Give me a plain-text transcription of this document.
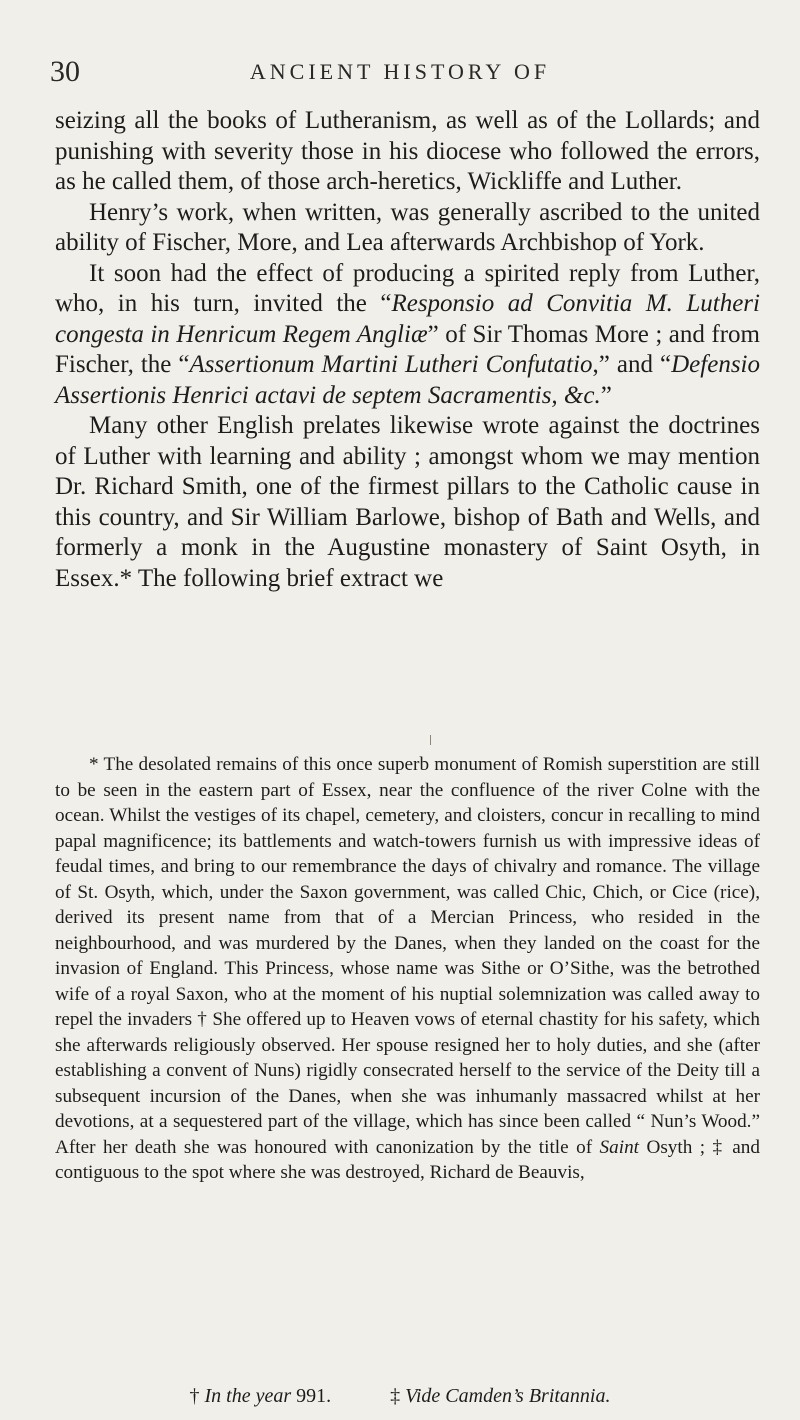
30	ANCIENT HISTORY OF

seizing all the books of Lutheranism, as well as of the Lollards; and punishing with severity those in his diocese who followed the errors, as he called them, of those arch-heretics, Wickliffe and Luther.

Henry’s work, when written, was generally ascribed to the united ability of Fischer, More, and Lea afterwards Archbishop of York.

It soon had the effect of producing a spirited reply from Luther, who, in his turn, invited the “Responsio ad Convitia M. Lutheri congesta in Henricum Regem Angliæ” of Sir Thomas More ; and from Fischer, the “Assertionum Martini Lutheri Confutatio,” and “Defensio Assertionis Henrici actavi de septem Sacramentis, &c.”

Many other English prelates likewise wrote against the doctrines of Luther with learning and ability ; amongst whom we may mention Dr. Richard Smith, one of the firmest pillars to the Catholic cause in this country, and Sir William Barlowe, bishop of Bath and Wells, and formerly a monk in the Augustine monastery of Saint Osyth, in Essex.* The following brief extract we

* The desolated remains of this once superb monument of Romish superstition are still to be seen in the eastern part of Essex, near the confluence of the river Colne with the ocean. Whilst the vestiges of its chapel, cemetery, and cloisters, concur in recalling to mind papal magnificence; its battlements and watch-towers furnish us with impressive ideas of feudal times, and bring to our remembrance the days of chivalry and romance. The village of St. Osyth, which, under the Saxon government, was called Chic, Chich, or Cice (rice), derived its present name from that of a Mercian Princess, who resided in the neighbourhood, and was murdered by the Danes, when they landed on the coast for the invasion of England. This Princess, whose name was Sithe or O’Sithe, was the betrothed wife of a royal Saxon, who at the moment of his nuptial solemnization was called away to repel the invaders † She offered up to Heaven vows of eternal chastity for his safety, which she afterwards religiously observed. Her spouse resigned her to holy duties, and she (after establishing a convent of Nuns) rigidly consecrated herself to the service of the Deity till a subsequent incursion of the Danes, when she was inhumanly massacred whilst at her devotions, at a sequestered part of the village, which has since been called “ Nun’s Wood.” After her death she was honoured with canonization by the title of Saint Osyth ; ‡ and contiguous to the spot where she was destroyed, Richard de Beauvis,

† In the year 991.	‡ Vide Camden’s Britannia.
